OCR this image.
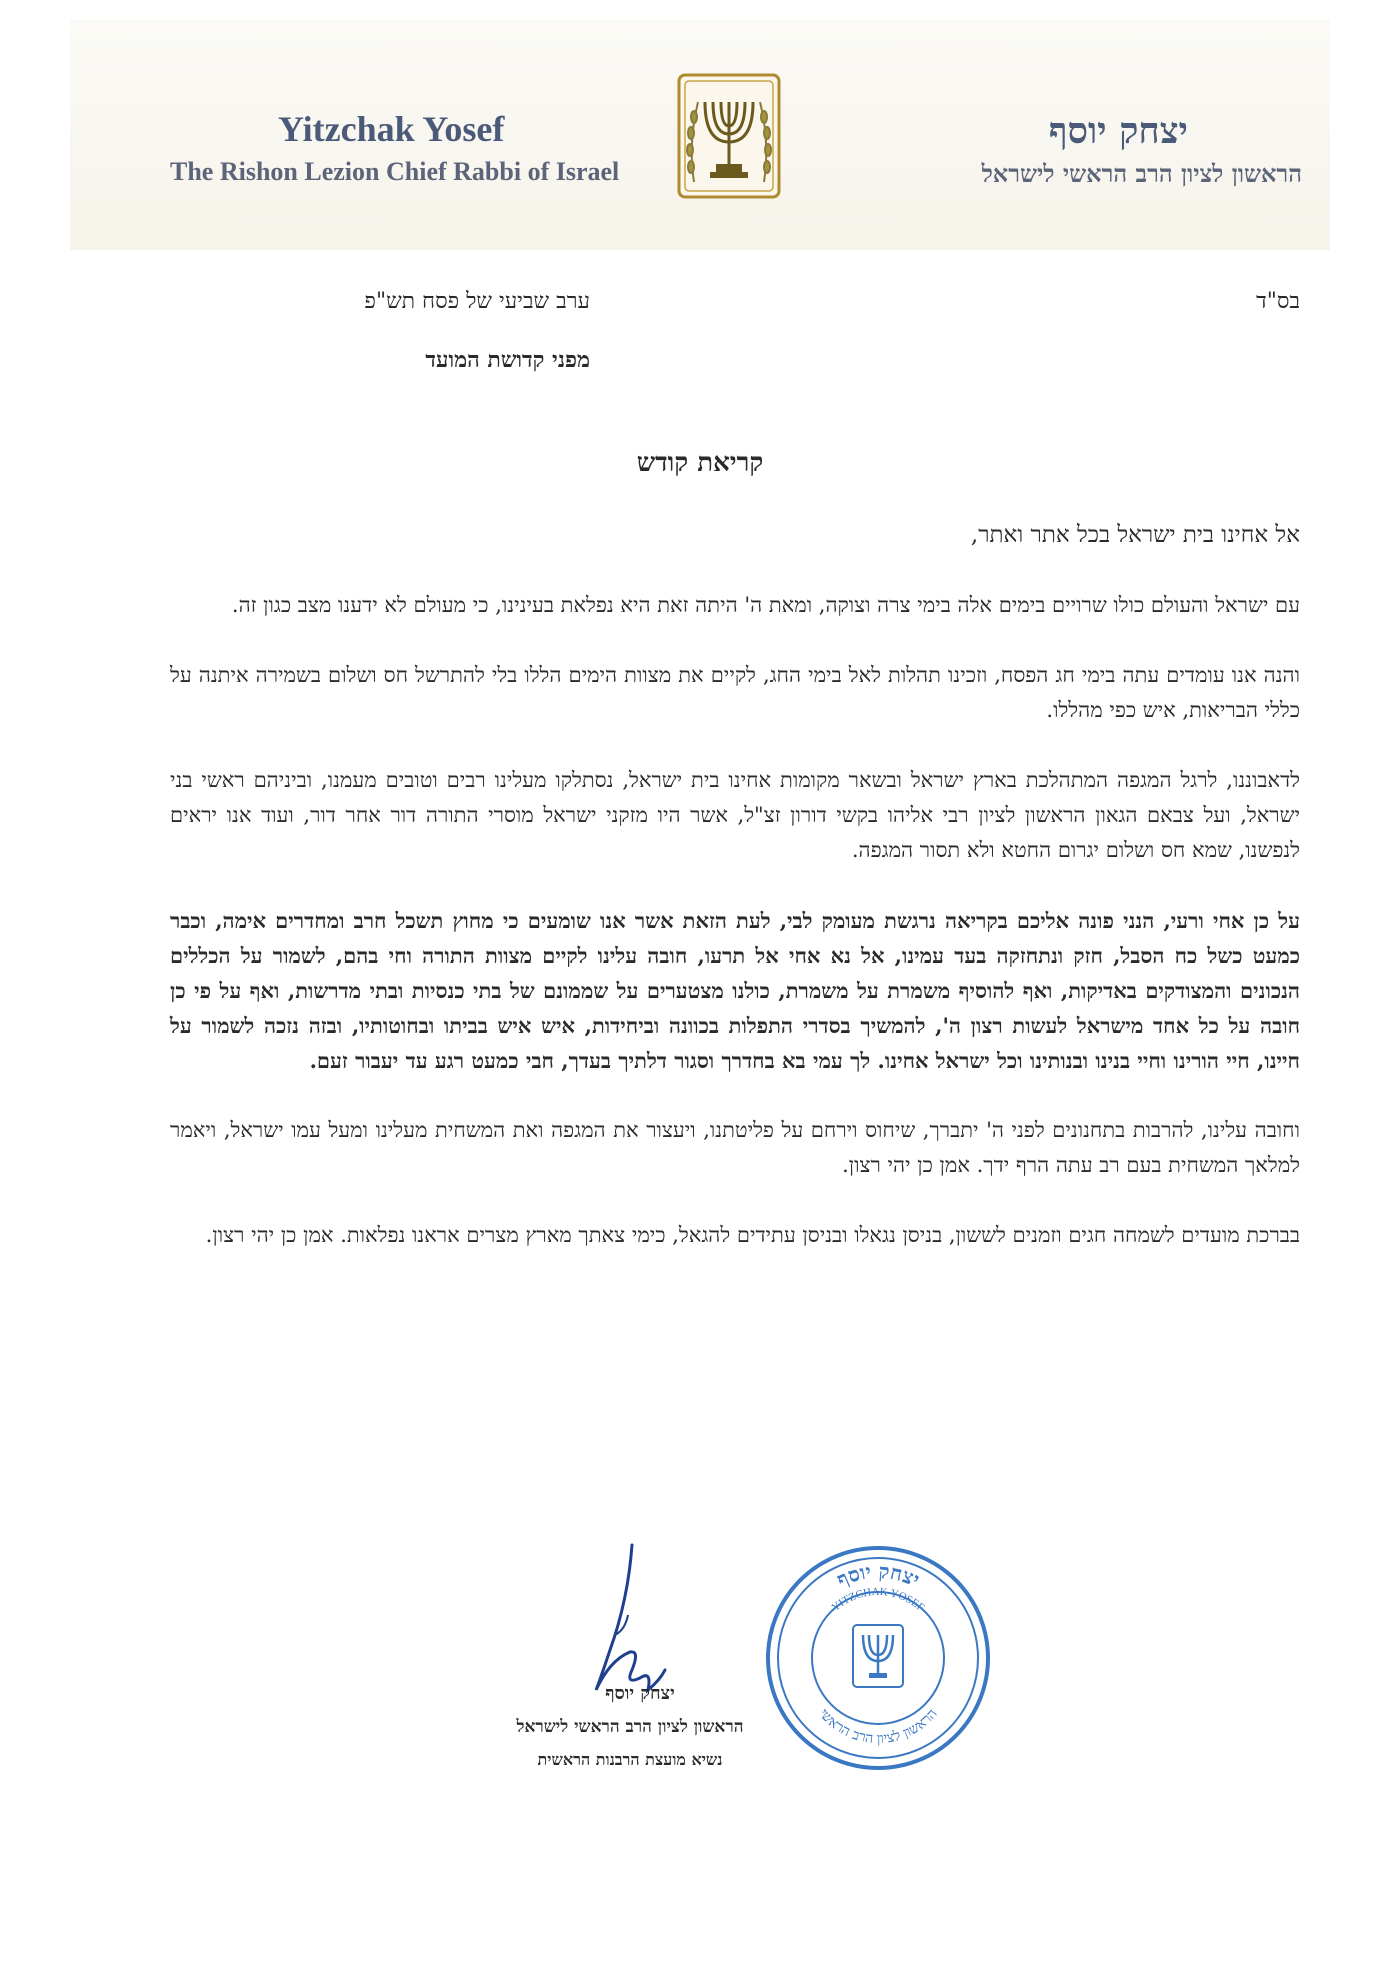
Yitzchak Yosef
The Rishon Lezion Chief Rabbi of Israel
יצחק יוסף
הראשון לציון הרב הראשי לישראל
בס"ד
ערב שביעי של פסח תש"פ
מפני קדושת המועד
קריאת קודש
אל אחינו בית ישראל בכל אתר ואתר,

עם ישראל והעולם כולו שרויים בימים אלה בימי צרה וצוקה, ומאת ה' היתה זאת היא נפלאת בעינינו, כי מעולם לא ידענו מצב כגון זה.

והנה אנו עומדים עתה בימי חג הפסח, וזכינו תהלות לאל בימי החג, לקיים את מצוות הימים הללו בלי להתרשל חס ושלום בשמירה איתנה על כללי הבריאות, איש כפי מהללו.

לדאבוננו, לרגל המגפה המתהלכת בארץ ישראל ובשאר מקומות אחינו בית ישראל, נסתלקו מעלינו רבים וטובים מעמנו, וביניהם ראשי בני ישראל, ועל צבאם הגאון הראשון לציון רבי אליהו בקשי דורון זצ"ל, אשר היו מזקני ישראל מוסרי התורה דור אחר דור, ועוד אנו יראים לנפשנו, שמא חס ושלום יגרום החטא ולא תסור המגפה.

על כן אחי ורעי, הנני פונה אליכם בקריאה נרגשת מעומק לבי, לעת הזאת אשר אנו שומעים כי מחוץ תשכל חרב ומחדרים אימה, וכבר כמעט כשל כח הסבל, חזק ונתחזקה בעד עמינו, אל נא אחי אל תרעו, חובה עלינו לקיים מצוות התורה וחי בהם, לשמור על הכללים הנכונים והמצודקים באדיקות, ואף להוסיף משמרת על משמרת, כולנו מצטערים על שממונם של בתי כנסיות ובתי מדרשות, ואף על פי כן חובה על כל אחד מישראל לעשות רצון ה', להמשיך בסדרי התפלות בכוונה וביחידות, איש איש בביתו ובחוטותיו, ובזה נזכה לשמור על חיינו, חיי הורינו וחיי בנינו ובנותינו וכל ישראל אחינו. לך עמי בא בחדרך וסגור דלתיך בעדך, חבי כמעט רגע עד יעבור זעם.

וחובה עלינו, להרבות בתחנונים לפני ה' יתברך, שיחוס וירחם על פליטתנו, ויעצור את המגפה ואת המשחית מעלינו ומעל עמו ישראל, ויאמר למלאך המשחית בעם רב עתה הרף ידך. אמן כן יהי רצון.

בברכת מועדים לשמחה חגים וזמנים לששון, בניסן נגאלו ובניסן עתידים להגאל, כימי צאתך מארץ מצרים אראנו נפלאות. אמן כן יהי רצון.

יצחק יוסף
הראשון לציון הרב הראשי לישראל
נשיא מועצת הרבנות הראשית
יצחק יוסף
YITZCHAK YOSEF
הראשון לציון הרב הראשי
